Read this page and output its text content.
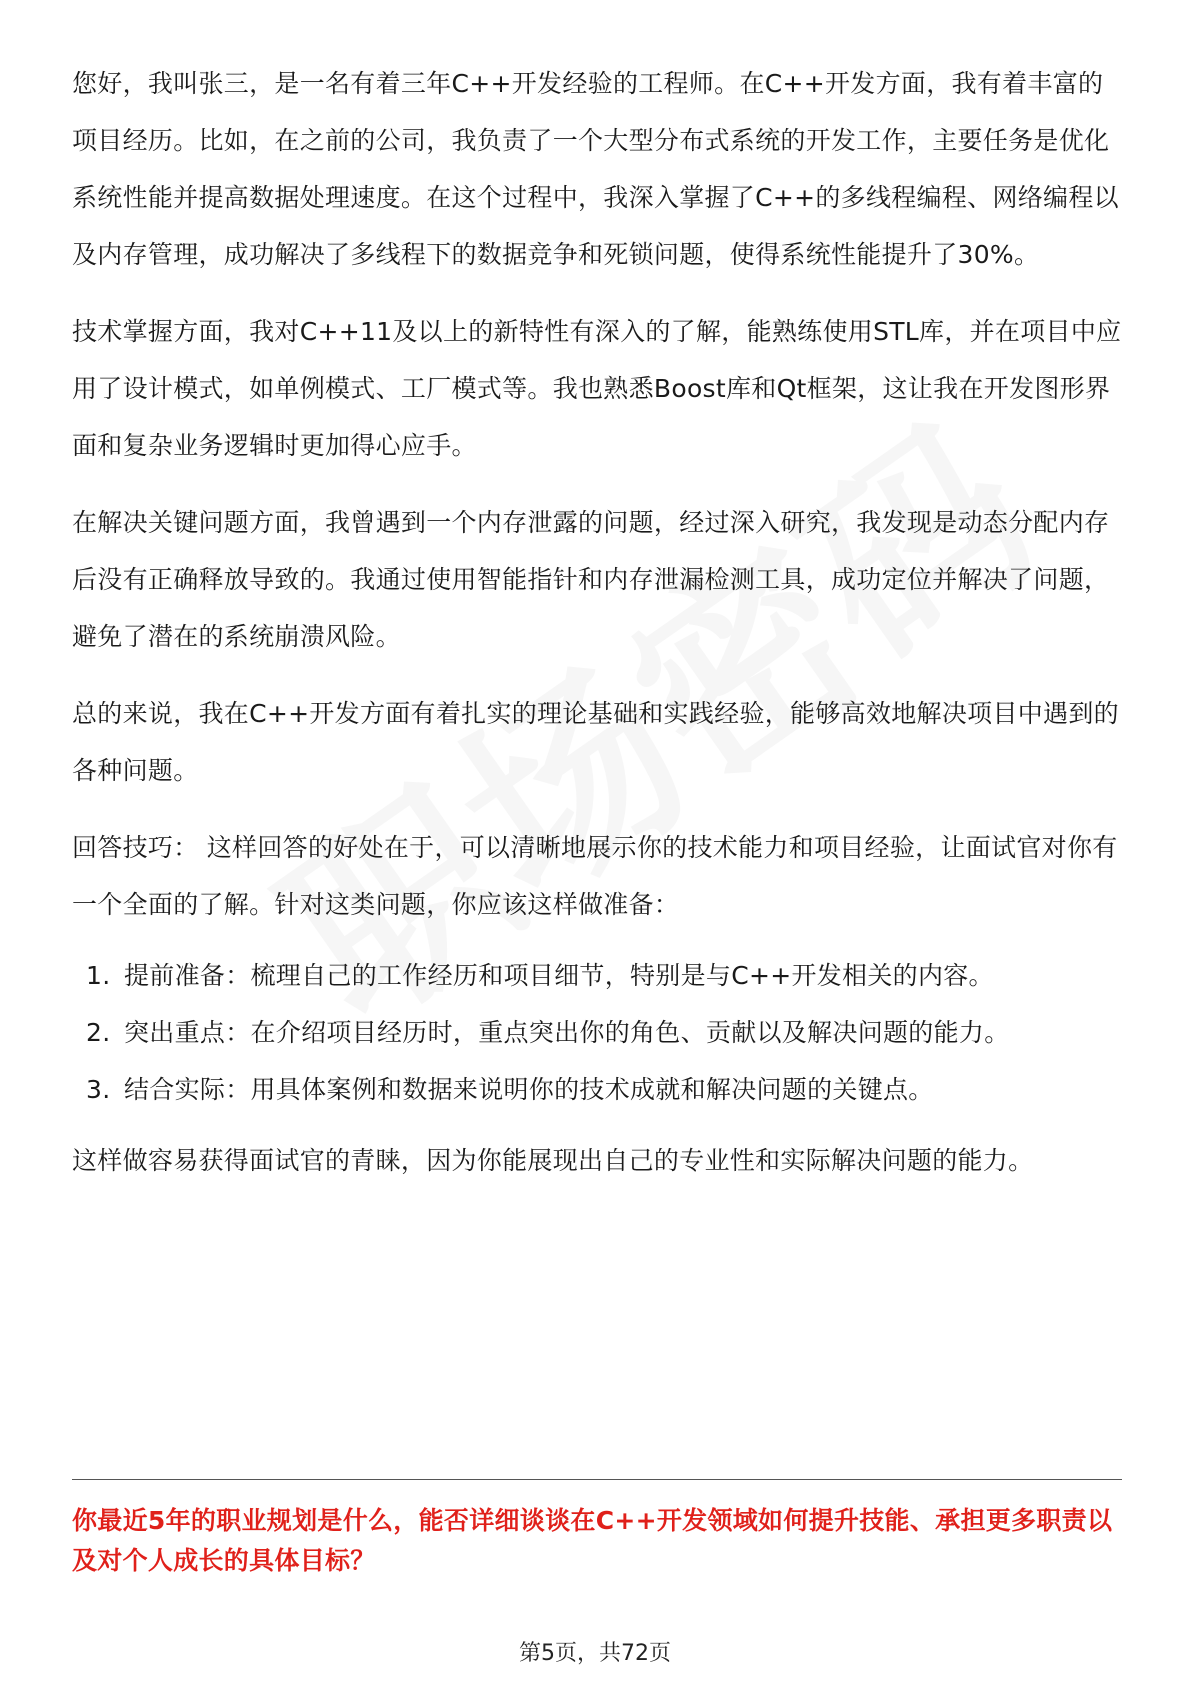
您好，我叫张三，是一名有着三年C++开发经验的工程师。在C++开发方面，我有着丰富的项目经历。比如，在之前的公司，我负责了一个大型分布式系统的开发工作，主要任务是优化系统性能并提高数据处理速度。在这个过程中，我深入掌握了C++的多线程编程、网络编程以及内存管理，成功解决了多线程下的数据竞争和死锁问题，使得系统性能提升了30%。

技术掌握方面，我对C++11及以上的新特性有深入的了解，能熟练使用STL库，并在项目中应用了设计模式，如单例模式、工厂模式等。我也熟悉Boost库和Qt框架，这让我在开发图形界面和复杂业务逻辑时更加得心应手。

在解决关键问题方面，我曾遇到一个内存泄露的问题，经过深入研究，我发现是动态分配内存后没有正确释放导致的。我通过使用智能指针和内存泄漏检测工具，成功定位并解决了问题，避免了潜在的系统崩溃风险。

总的来说，我在C++开发方面有着扎实的理论基础和实践经验，能够高效地解决项目中遇到的各种问题。

回答技巧： 这样回答的好处在于，可以清晰地展示你的技术能力和项目经验，让面试官对你有一个全面的了解。针对这类问题，你应该这样做准备：

1. 提前准备：梳理自己的工作经历和项目细节，特别是与C++开发相关的内容。
2. 突出重点：在介绍项目经历时，重点突出你的角色、贡献以及解决问题的能力。
3. 结合实际：用具体案例和数据来说明你的技术成就和解决问题的关键点。

这样做容易获得面试官的青睐，因为你能展现出自己的专业性和实际解决问题的能力。

你最近5年的职业规划是什么，能否详细谈谈在C++开发领域如何提升技能、承担更多职责以及对个人成长的具体目标？
第5页，共72页
